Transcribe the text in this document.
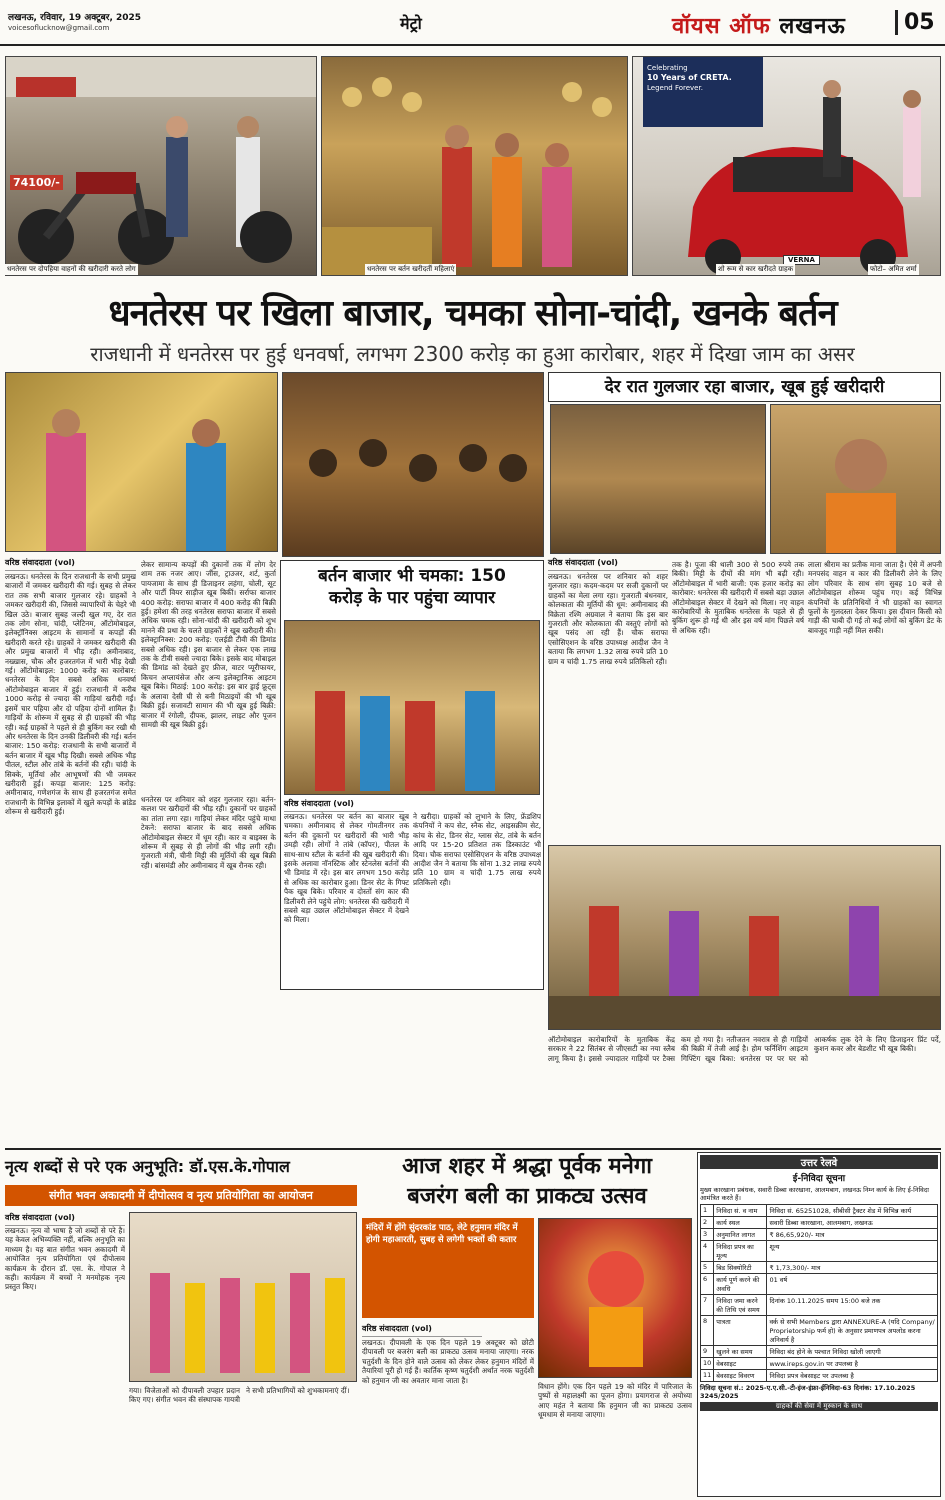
लखनऊ, रविवार, 19 अक्टूबर, 2025
voicesoflucknow@gmail.com	मेट्रो	वॉयस ऑफ लखनऊ	05
74100/-
धनतेरस पर दोपहिया वाहनों की खरीदारी करते लोग	धनतेरस पर बर्तन खरीदतीं महिलाएं
Celebrating
10 Years of CRETA.
Legend Forever.
VERNA
शो रूम से कार खरीदते ग्राहक	फोटो– अमित शर्मा
धनतेरस पर खिला बाजार, चमका सोना-चांदी, खनके बर्तन
राजधानी में धनतेरस पर हुई धनवर्षा, लगभग 2300 करोड़ का हुआ कारोबार, शहर में दिखा जाम का असर
देर रात गुलजार रहा बाजार, खूब हुई खरीदारी
वरिष्ठ संवाददाता (vol)
लखनऊ। धनतेरस के दिन राजधानी के सभी प्रमुख बाजारों में जमकर खरीदारी की गई। सुबह से लेकर रात तक सभी बाजार गुलजार रहे। ग्राहकों ने जमकर खरीदारी की, जिससे व्यापारियों के चेहरे भी खिल उठे। बाजार सुबह जल्दी खुल गए, देर रात तक लोग सोना, चांदी, प्लेटिनम, ऑटोमोबाइल, इलेक्ट्रॉनिक्स आइटम के सामानों व कपड़ों की खरीदारी करते रहे। ग्राहकों ने जमकर खरीदारी की और प्रमुख बाजारों में भीड़ रही। अमीनाबाद, नख्खास, चौक और हजरतगंज में भारी भीड़ देखी गई। ऑटोमोबाइल: 1000 करोड़ का कारोबार: धनतेरस के दिन सबसे अधिक धनवर्षा ऑटोमोबाइल बाजार में हुई। राजधानी में करीब 1000 करोड़ से ज्यादा की गाड़ियां खरीदी गईं। इसमें चार पहिया और दो पहिया दोनों शामिल हैं। गाड़ियों के शोरूम में सुबह से ही ग्राहकों की भीड़ रही। कई ग्राहकों ने पहले से ही बुकिंग कर रखी थी और धनतेरस के दिन उनकी डिलीवरी की गई। बर्तन बाजार: 150 करोड़: राजधानी के सभी बाजारों में बर्तन बाजार में खूब भीड़ दिखी। सबसे अधिक भीड़ पीतल, स्टील और तांबे के बर्तनों की रही। चांदी के सिक्के, मूर्तियां और आभूषणों की भी जमकर खरीदारी हुई। कपड़ा बाजार: 125 करोड़: अमीनाबाद, गणेशगंज के साथ ही हजरतगंज समेत राजधानी के विभिन्न इलाकों में खुले कपड़ों के ब्रांडेड शोरूम से खरीदारी हुई।
लेकर सामान्य कपड़ों की दुकानों तक में लोग देर शाम तक नजर आए। जींस, ट्राउजर, शर्ट, कुर्ता पायजामा के साथ ही डिजाइनर लहंगा, चोली, सूट और पार्टी वियर साड़ीज खूब बिकीं। सर्राफा बाजार 400 करोड़: सराफा बाजार में 400 करोड़ की बिक्री हुई। हमेशा की तरह धनतेरस सराफा बाजार में सबसे अधिक चमक रही। सोना-चांदी की खरीदारी को शुभ मानने की प्रथा के चलते ग्राहकों ने खूब खरीदारी की। इलेक्ट्रानिक्स: 200 करोड़: एलईडी टीवी की डिमांड सबसे अधिक रही। इस बाजार से लेकर एक लाख तक के टीवी सबसे ज्यादा बिके। इसके बाद मोबाइल की डिमांड को देखते हुए फ्रीज, वाटर प्यूरीफायर, किचन अप्लायंसेज और अन्य इलेक्ट्रानिक आइटम खूब बिके। मिठाई: 100 करोड़: इस बार ड्राई फ्रूट्स के अलावा देसी घी से बनी मिठाइयों की भी खूब बिक्री हुई। सजावटी सामान की भी खूब हुई बिक्री: बाजार में रंगोली, दीपक, झालर, लाइट और पूजन सामग्री की खूब बिक्री हुई।
बर्तन बाजार भी चमका: 150
करोड़ के पार पहुंचा व्यापार
वरिष्ठ संवाददाता (vol)
लखनऊ। धनतेरस पर बर्तन का बाजार खूब चमका। अमीनाबाद से लेकर गोमतीनगर तक बर्तन की दुकानों पर खरीदारों की भारी भीड़ उमड़ी रही। लोगों ने तांबे (कॉपर), पीतल के साथ-साथ स्टील के बर्तनों की खूब खरीदारी की। इसके अलावा नॉनस्टिक और स्टेनलेस बर्तनों की भी डिमांड में रहे। इस बार लगभग 150 करोड़ से अधिक का कारोबार हुआ। डिनर सेट के गिफ्ट पैक खूब बिके। परिवार व दोस्तों संग कार की डिलीवरी लेने पहुंचे लोग: धनतेरस की खरीदारी में सबसे बड़ा उछाल ऑटोमोबाइल सेक्टर में देखने को मिला।
ने खरीदा। ग्राहकों को लुभाने के लिए, फ्रेंडशिप कंपनियों ने कप सेट, स्नैक सेट, आइसक्रीम सेट, कांच के सेट, डिनर सेट, ग्लास सेट, तांबे के बर्तन आदि पर 15-20 प्रतिशत तक डिस्काउंट भी दिया। चौक सराफा एसोसिएशन के वरिष्ठ उपाध्यक्ष आदीश जैन ने बताया कि सोना 1.32 लाख रुपये प्रति 10 ग्राम व चांदी 1.75 लाख रुपये प्रतिकिलो रही।
धनतेरस पर शनिवार को शहर गुलजार रहा। बर्तन-कलश पर खरीदारों की भीड़ रही। दुकानों पर ग्राहकों का तांता लगा रहा। गाड़ियां लेकर मंदिर पहुंचे माथा टेकने: सराफा बाजार के बाद सबसे अधिक ऑटोमोबाइल सेक्टर में धूम रही। कार व बाइक्स के शोरूम में सुबह से ही लोगों की भीड़ लगी रही। गुजराती मंत्री, चीनी मिट्टी की मूर्तियों की खूब बिक्री रही। बांसमंडी और अमीनाबाद में खूब रौनक रही।
वरिष्ठ संवाददाता (vol)
लखनऊ। धनतेरस पर शनिवार को शहर गुलजार रहा। कदम-कदम पर सजी दुकानों पर ग्राहकों का मेला लगा रहा। गुजराती बंधनवार, कोलकाता की मूर्तियों की धूम: अमीनाबाद की विक्रेता रश्मि अग्रवाल ने बताया कि इस बार गुजराती और कोलकाता की वस्तुएं लोगों को खूब पसंद आ रही हैं। चौक सराफा एसोसिएशन के वरिष्ठ उपाध्यक्ष आदीश जैन ने बताया कि लगभग 1.32 लाख रुपये प्रति 10 ग्राम व चांदी 1.75 लाख रुपये प्रतिकिलो रही।
तक है। पूजा की थाली 300 से 500 रुपये तक बिकी। मिट्टी के दीयों की मांग भी बढ़ी रही। ऑटोमोबाइल में भारी बाजी: एक हजार करोड़ का कारोबार: धनतेरस की खरीदारी में सबसे बड़ा उछाल ऑटोमोबाइल सेक्टर में देखने को मिला। नए वाहन कारोबारियों के मुताबिक धनतेरस के पहले से ही बुकिंग शुरू हो गई थी और इस वर्ष मांग पिछले वर्ष से अधिक रही।
लाला श्रीराम का प्रतीक माना जाता है। ऐसे में अपनी मनपसंद वाहन व कार की डिलीवरी लेने के लिए लोग परिवार के साथ संग सुबह 10 बजे से ऑटोमोबाइल शोरूम पहुंच गए। कई विभिन्न कंपनियों के प्रतिनिधियों ने भी ग्राहकों का स्वागत फूलों के गुलदस्ता देकर किया। इस दीवान किसी को गाड़ी की चाबी दी गई तो कई लोगों को बुकिंग डेट के बावजूद गाड़ी नहीं मिल सकी।
ऑटोमोबाइल कारोबारियों के मुताबिक केंद्र सरकार ने 22 सितंबर से जीएसटी का नया स्लैब लागू किया है। इससे ज्यादातर गाड़ियों पर टैक्स कम हो गया है। नतीजतन नवरात्र से ही गाड़ियों की बिक्री में तेजी आई है। होम फर्निशिंग आइटम गिफ्टिंग खूब बिका: धनतेरस पर पर घर को आकर्षक लुक देने के लिए डिजाइनर प्रिंट पर्दे, कुशन कवर और बेडशीट भी खूब बिकी।
नृत्य शब्दों से परे एक अनुभूति: डॉ.एस.के.गोपाल
संगीत भवन अकादमी में दीपोत्सव व नृत्य प्रतियोगिता का आयोजन
वरिष्ठ संवाददाता (vol)
लखनऊ। नृत्य वो भाषा है जो शब्दों से परे है। यह केवल अभिव्यक्ति नहीं, बल्कि अनुभूति का माध्यम है। यह बात संगीत भवन अकादमी में आयोजित नृत्य प्रतियोगिता एवं दीपोत्सव कार्यक्रम के दौरान डॉ. एस. के. गोपाल ने कही। कार्यक्रम में बच्चों ने मनमोहक नृत्य प्रस्तुत किए।
गया। विजेताओं को दीपावली उपहार प्रदान किए गए। संगीत भवन की संस्थापक गायत्री ने सभी प्रतिभागियों को शुभकामनाएं दीं।
आज शहर में श्रद्धा पूर्वक मनेगा
बजरंग बली का प्राकट्य उत्सव
मंदिरों में होंगे सुंदरकांड पाठ, लेटे हनुमान मंदिर में होगी महाआरती, सुबह से लगेगी भक्तों की कतार
वरिष्ठ संवाददाता (vol)
लखनऊ। दीपावली के एक दिन पहले 19 अक्टूबर को छोटी दीपावली पर बजरंग बली का प्राकट्य उत्सव मनाया जाएगा। नरक चतुर्दशी के दिन होने वाले उत्सव को लेकर लेकर हनुमान मंदिरों में तैयारियां पूरी हो गई हैं। कार्तिक कृष्ण चतुर्दशी अर्थात नरक चतुर्दशी को हनुमान जी का अवतार माना जाता है।
विधान होंगे। एक दिन पहले 19 को मंदिर में पारिजात के पुष्पों से महालक्ष्मी का पूजन होगा। प्रयागराज से अयोध्या आए महंत ने बताया कि हनुमान जी का प्राकट्य उत्सव धूमधाम से मनाया जाएगा।
उत्तर रेलवे
ई-निविदा सूचना
मुख्य कारखाना प्रबंधक, सवारी डिब्बा कारखाना, आलमबाग, लखनऊ निम्न कार्य के लिए ई-निविदा आमंत्रित करते हैं।
1	निविदा सं. व नाम	निविदा सं. 65251028, सीबीसी ट्रैक्टर शेड में विभिन्न कार्य
2	कार्य स्थल	सवारी डिब्बा कारखाना, आलमबाग, लखनऊ
3	अनुमानित लागत	₹ 86,65,920/- मात्र
4	निविदा प्रपत्र का मूल्य	शून्य
5	बिड सिक्योरिटी	₹ 1,73,300/- मात्र
6	कार्य पूर्ण करने की अवधि	01 वर्ष
7	निविदा जमा करने की तिथि एवं समय	दिनांक 10.11.2025 समय 15:00 बजे तक
8	पात्रता	वर्क से सभी Members द्वारा ANNEXURE-A (यदि Company/ Proprietorship फर्म हो) के अनुसार प्रमाणपत्र अपलोड करना अनिवार्य है
9	खुलने का समय	निविदा बंद होने के पश्चात निविदा खोली जाएगी
10	वेबसाइट	www.ireps.gov.in पर उपलब्ध है
11	बेवसाइट विवरण	निविदा प्रपत्र वेबसाइट पर उपलब्ध है
निविदा सूचना सं.: 2025-ए.ए.सी.-टी-इंज-इंफ्रा-ईनिविदा-63 दिनांक: 17.10.2025 3245/2025
ग्राहकों की सेवा में मुस्कान के साथ
